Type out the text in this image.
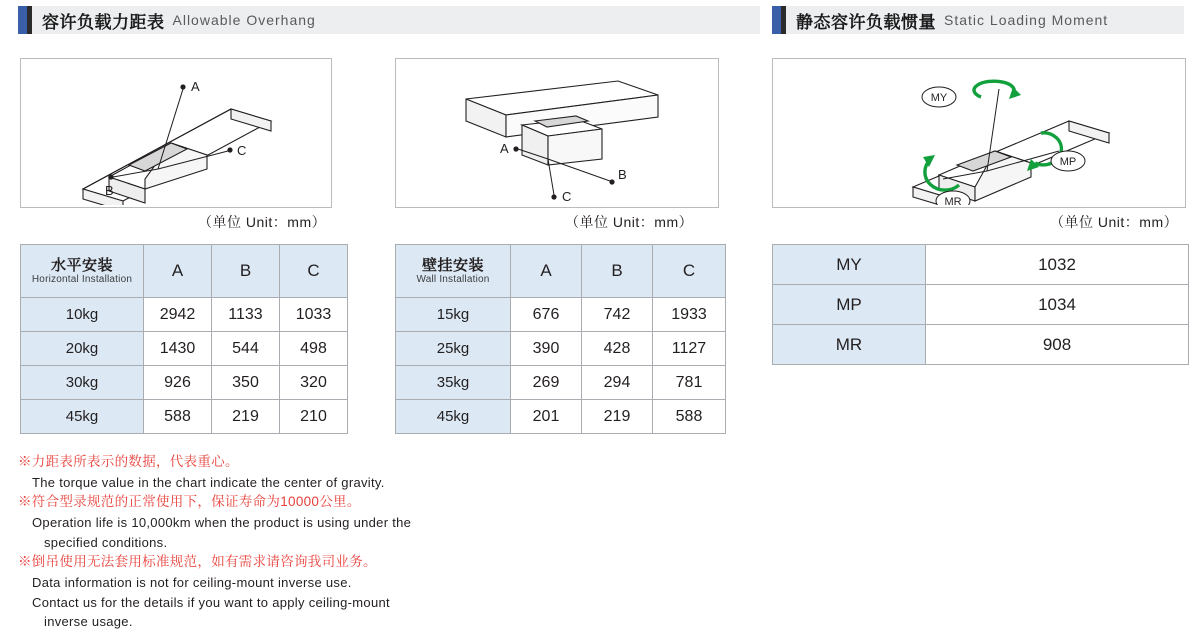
容许负载力距表 Allowable Overhang	静态容许负载惯量 Static Loading Moment
A
C
B
（单位 Unit：mm）
B
A
C
（单位 Unit：mm）
MY
MP
MR
（单位 Unit：mm）
水平安装
Horizontal Installation	A	B	C
10kg	2942	1133	1033
20kg	1430	544	498
30kg	926	350	320
45kg	588	219	210
壁挂安装
Wall Installation	A	B	C
15kg	676	742	1933
25kg	390	428	1127
35kg	269	294	781
45kg	201	219	588
MY	1032
MP	1034
MR	908
※力距表所表示的数据，代表重心。
The torque value in the chart indicate the center of gravity.
※符合型录规范的正常使用下，保证寿命为10000公里。
Operation life is 10,000km when the product is using under the
specified conditions.
※倒吊使用无法套用标准规范，如有需求请咨询我司业务。
Data information is not for ceiling-mount inverse use.
Contact us for the details if you want to apply ceiling-mount
inverse usage.
